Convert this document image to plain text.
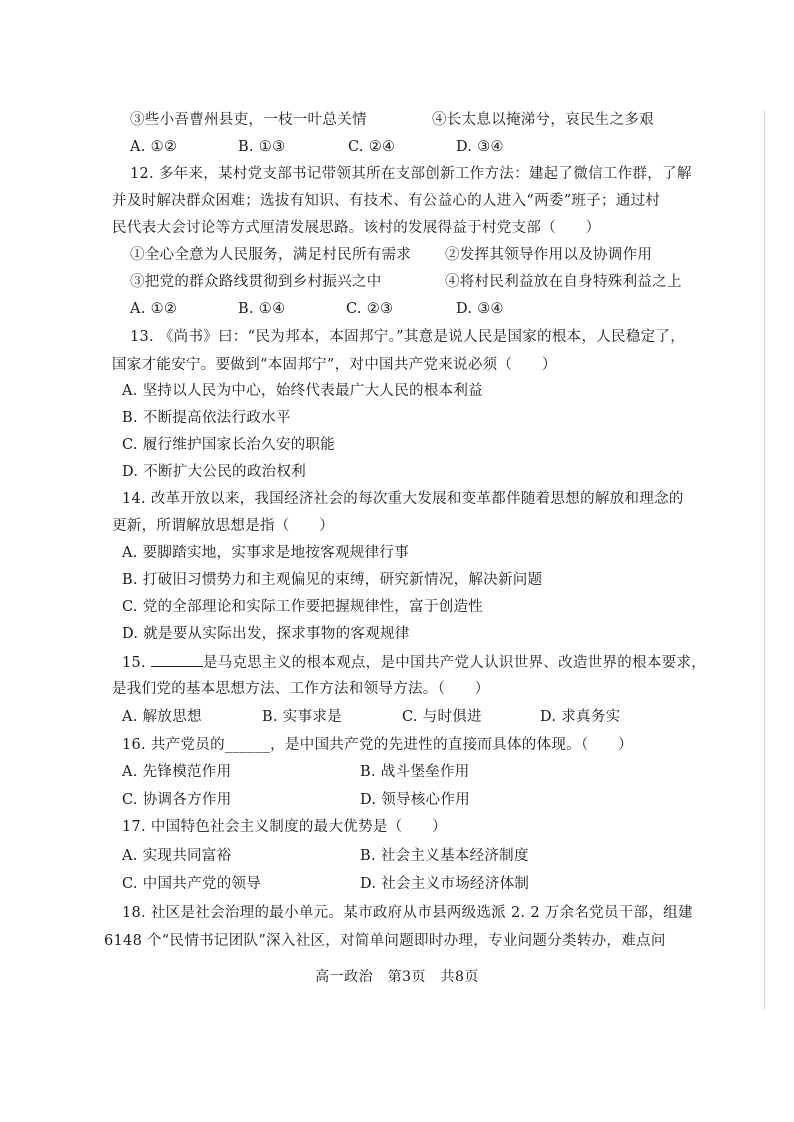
③些小吾曹州县吏，一枝一叶总关情	④长太息以掩涕兮，哀民生之多艰
A. ①②	B. ①③	C. ②④	D. ③④
12. 多年来，某村党支部书记带领其所在支部创新工作方法：建起了微信工作群，了解
并及时解决群众困难；选拔有知识、有技术、有公益心的人进入“两委”班子；通过村
民代表大会讨论等方式厘清发展思路。该村的发展得益于村党支部（　　）
①全心全意为人民服务，满足村民所有需求 ②发挥其领导作用以及协调作用
③把党的群众路线贯彻到乡村振兴之中	④将村民利益放在自身特殊利益之上
A. ①②	B. ①④	C. ②③	D. ③④
13. 《尚书》曰：“民为邦本，本固邦宁。”其意是说人民是国家的根本，人民稳定了，
国家才能安宁。要做到“本固邦宁”，对中国共产党来说必须（　　）
A. 坚持以人民为中心，始终代表最广大人民的根本利益
B. 不断提高依法行政水平
C. 履行维护国家长治久安的职能
D. 不断扩大公民的政治权利
14. 改革开放以来，我国经济社会的每次重大发展和变革都伴随着思想的解放和理念的
更新，所谓解放思想是指（　　）
A. 要脚踏实地，实事求是地按客观规律行事
B. 打破旧习惯势力和主观偏见的束缚，研究新情况，解决新问题
C. 党的全部理论和实际工作要把握规律性，富于创造性
D. 就是要从实际出发，探求事物的客观规律
15.	是马克思主义的根本观点，是中国共产党人认识世界、改造世界的根本要求，
是我们党的基本思想方法、工作方法和领导方法。（　　）
A. 解放思想	B. 实事求是	C. 与时俱进	D. 求真务实
16. 共产党员的______，是中国共产党的先进性的直接而具体的体现。（　　）
A. 先锋模范作用	B. 战斗堡垒作用
C. 协调各方作用	D. 领导核心作用
17. 中国特色社会主义制度的最大优势是（　　）
A. 实现共同富裕	B. 社会主义基本经济制度
C. 中国共产党的领导	D. 社会主义市场经济体制
18. 社区是社会治理的最小单元。某市政府从市县两级选派 2. 2 万余名党员干部，组建
6148 个“民情书记团队”深入社区，对简单问题即时办理，专业问题分类转办，难点问
高一政治　第3页　共8页
